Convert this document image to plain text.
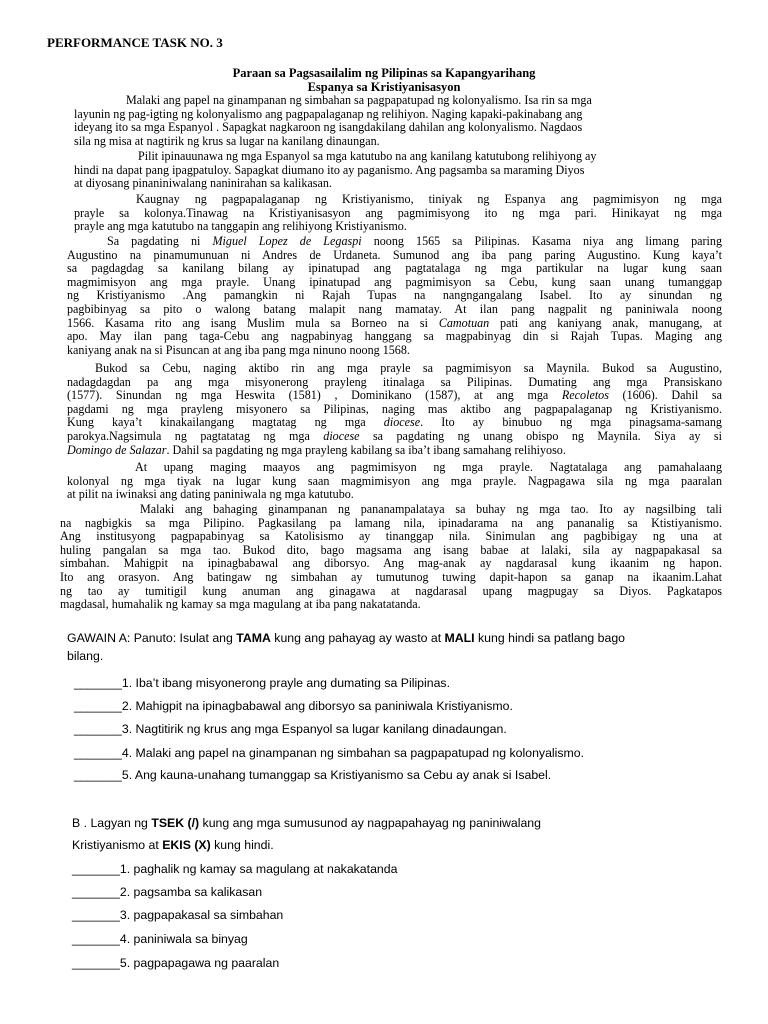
PERFORMANCE TASK NO. 3
Paraan sa Pagsasailalim ng Pilipinas sa Kapangyarihang
Espanya sa Kristiyanisasyon
Malaki ang papel na ginampanan ng simbahan sa pagpapatupad ng kolonyalismo. Isa rin sa mga
layunin ng pag-igting ng kolonyalismo ang pagpapalaganap ng relihiyon. Naging kapaki-pakinabang ang
ideyang ito sa mga Espanyol . Sapagkat nagkaroon ng isangdakilang dahilan ang kolonyalismo. Nagdaos
sila ng misa at nagtirik ng krus sa lugar na kanilang dinaungan.
Pilit ipinauunawa ng mga Espanyol sa mga katutubo na ang kanilang katutubong relihiyong ay
hindi na dapat pang ipagpatuloy. Sapagkat diumano ito ay paganismo. Ang pagsamba sa maraming Diyos
at diyosang pinaniniwalang naninirahan sa kalikasan.
Kaugnay ng pagpapalaganap ng Kristiyanismo, tiniyak ng Espanya ang pagmimisyon ng mga
prayle sa kolonya.Tinawag na Kristiyanisasyon ang pagmimisyong ito ng mga pari. Hinikayat ng mga
prayle ang mga katutubo na tanggapin ang relihiyong Kristiyanismo.
Sa pagdating ni Miguel Lopez de Legaspi noong 1565 sa Pilipinas. Kasama niya ang limang paring
Augustino na pinamumunuan ni Andres de Urdaneta. Sumunod ang iba pang paring Augustino. Kung kaya’t
sa pagdagdag sa kanilang bilang ay ipinatupad ang pagtatalaga ng mga partikular na lugar kung saan
magmimisyon ang mga prayle. Unang ipinatupad ang pagmimisyon sa Cebu, kung saan unang tumanggap
ng Kristiyanismo .Ang pamangkin ni Rajah Tupas na nangngangalang Isabel. Ito ay sinundan ng
pagbibinyag sa pito o walong batang malapit nang mamatay. At ilan pang nagpalit ng paniniwala noong
1566. Kasama rito ang isang Muslim mula sa Borneo na si Camotuan pati ang kaniyang anak, manugang, at
apo. May ilan pang taga-Cebu ang nagpabinyag hanggang sa magpabinyag din si Rajah Tupas. Maging ang
kaniyang anak na si Pisuncan at ang iba pang mga ninuno noong 1568.
Bukod sa Cebu, naging aktibo rin ang mga prayle sa pagmimisyon sa Maynila. Bukod sa Augustino,
nadagdagdan pa ang mga misyonerong prayleng itinalaga sa Pilipinas. Dumating ang mga Pransiskano
(1577). Sinundan ng mga Heswita (1581) , Dominikano (1587), at ang mga Recoletos (1606). Dahil sa
pagdami ng mga prayleng misyonero sa Pilipinas, naging mas aktibo ang pagpapalaganap ng Kristiyanismo.
Kung kaya’t kinakailangang magtatag ng mga diocese. Ito ay binubuo ng mga pinagsama-samang
parokya.Nagsimula ng pagtatatag ng mga diocese sa pagdating ng unang obispo ng Maynila. Siya ay si
Domingo de Salazar. Dahil sa pagdating ng mga prayleng kabilang sa iba’t ibang samahang relihiyoso.
At upang maging maayos ang pagmimisyon ng mga prayle. Nagtatalaga ang pamahalaang
kolonyal ng mga tiyak na lugar kung saan magmimisyon ang mga prayle. Nagpagawa sila ng mga paaralan
at pilit na iwinaksi ang dating paniniwala ng mga katutubo.
Malaki ang bahaging ginampanan ng pananampalataya sa buhay ng mga tao. Ito ay nagsilbing tali
na nagbigkis sa mga Pilipino. Pagkasilang pa lamang nila, ipinadarama na ang pananalig sa Ktistiyanismo.
Ang institusyong pagpapabinyag sa Katolisismo ay tinanggap nila. Sinimulan ang pagbibigay ng una at
huling pangalan sa mga tao. Bukod dito, bago magsama ang isang babae at lalaki, sila ay nagpapakasal sa
simbahan. Mahigpit na ipinagbabawal ang diborsyo. Ang mag-anak ay nagdarasal kung ikaanim ng hapon.
Ito ang orasyon. Ang batingaw ng simbahan ay tumutunog tuwing dapit-hapon sa ganap na ikaanim.Lahat
ng tao ay tumitigil kung anuman ang ginagawa at nagdarasal upang magpugay sa Diyos. Pagkatapos
magdasal, humahalik ng kamay sa mga magulang at iba pang nakatatanda.
GAWAIN A: Panuto: Isulat ang TAMA kung ang pahayag ay wasto at MALI kung hindi sa patlang bago
bilang.
_______1. Iba’t ibang misyonerong prayle ang dumating sa Pilipinas.
_______2. Mahigpit na ipinagbabawal ang diborsyo sa paniniwala Kristiyanismo.
_______3. Nagtitirik ng krus ang mga Espanyol sa lugar kanilang dinadaungan.
_______4. Malaki ang papel na ginampanan ng simbahan sa pagpapatupad ng kolonyalismo.
_______5. Ang kauna-unahang tumanggap sa Kristiyanismo sa Cebu ay anak si Isabel.
B . Lagyan ng TSEK (/) kung ang mga sumusunod ay nagpapahayag ng paniniwalang
Kristiyanismo at EKIS (X) kung hindi.
_______1. paghalik ng kamay sa magulang at nakakatanda
_______2. pagsamba sa kalikasan
_______3. pagpapakasal sa simbahan
_______4. paniniwala sa binyag
_______5. pagpapagawa ng paaralan
